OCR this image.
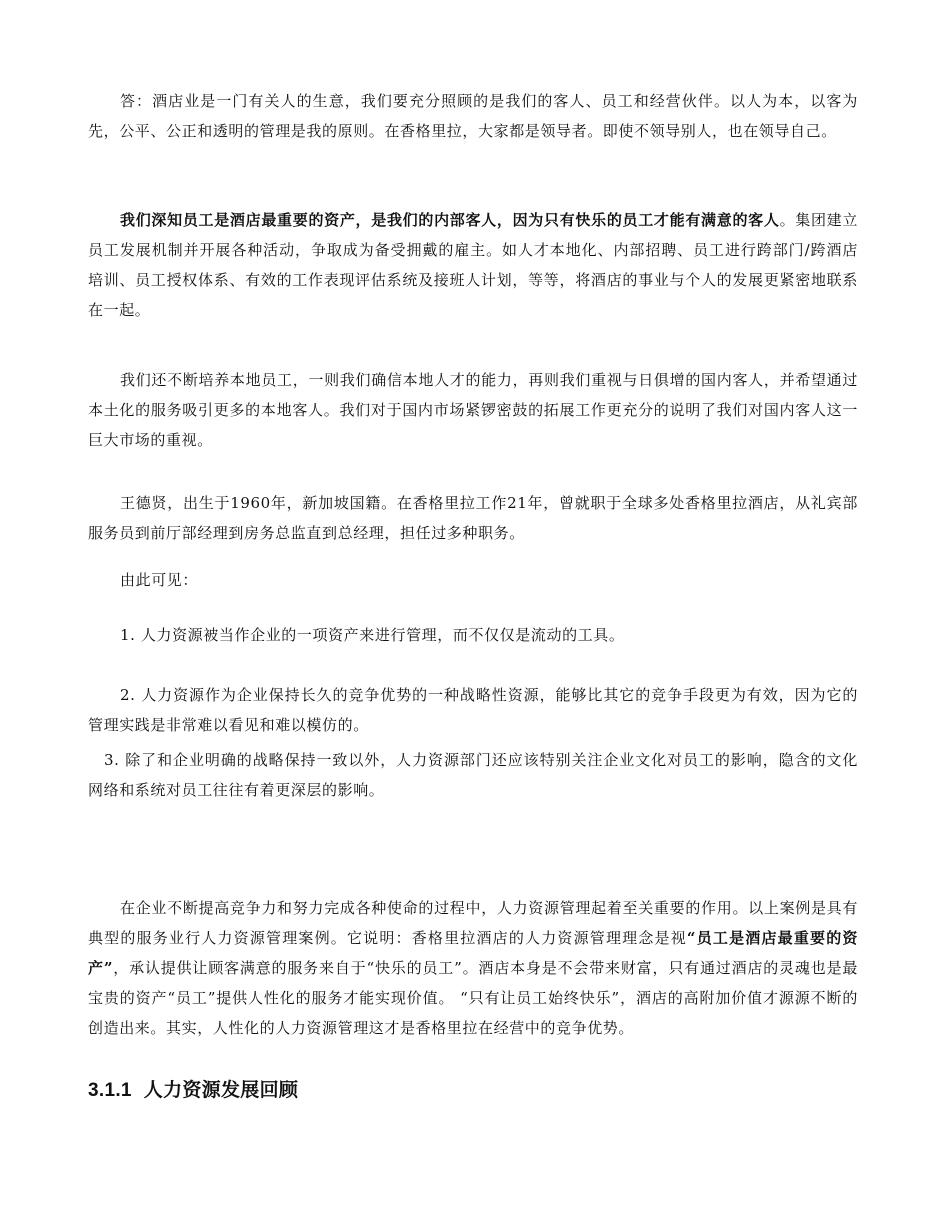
答：酒店业是一门有关人的生意，我们要充分照顾的是我们的客人、员工和经营伙伴。以人为本，以客为先，公平、公正和透明的管理是我的原则。在香格里拉，大家都是领导者。即使不领导别人，也在领导自己。

我们深知员工是酒店最重要的资产，是我们的内部客人，因为只有快乐的员工才能有满意的客人。集团建立员工发展机制并开展各种活动，争取成为备受拥戴的雇主。如人才本地化、内部招聘、员工进行跨部门/跨酒店培训、员工授权体系、有效的工作表现评估系统及接班人计划，等等，将酒店的事业与个人的发展更紧密地联系在一起。

我们还不断培养本地员工，一则我们确信本地人才的能力，再则我们重视与日俱增的国内客人，并希望通过本土化的服务吸引更多的本地客人。我们对于国内市场紧锣密鼓的拓展工作更充分的说明了我们对国内客人这一巨大市场的重视。

王德贤，出生于1960年，新加坡国籍。在香格里拉工作21年，曾就职于全球多处香格里拉酒店，从礼宾部服务员到前厅部经理到房务总监直到总经理，担任过多种职务。

由此可见：

1. 人力资源被当作企业的一项资产来进行管理，而不仅仅是流动的工具。

2. 人力资源作为企业保持长久的竞争优势的一种战略性资源，能够比其它的竞争手段更为有效，因为它的管理实践是非常难以看见和难以模仿的。

3. 除了和企业明确的战略保持一致以外，人力资源部门还应该特别关注企业文化对员工的影响，隐含的文化网络和系统对员工往往有着更深层的影响。

在企业不断提高竞争力和努力完成各种使命的过程中，人力资源管理起着至关重要的作用。以上案例是具有典型的服务业行人力资源管理案例。它说明：香格里拉酒店的人力资源管理理念是视“员工是酒店最重要的资产”，承认提供让顾客满意的服务来自于“快乐的员工”。酒店本身是不会带来财富，只有通过酒店的灵魂也是最宝贵的资产“员工”提供人性化的服务才能实现价值。 “只有让员工始终快乐”，酒店的高附加价值才源源不断的创造出来。其实，人性化的人力资源管理这才是香格里拉在经营中的竞争优势。

3.1.1 人力资源发展回顾
